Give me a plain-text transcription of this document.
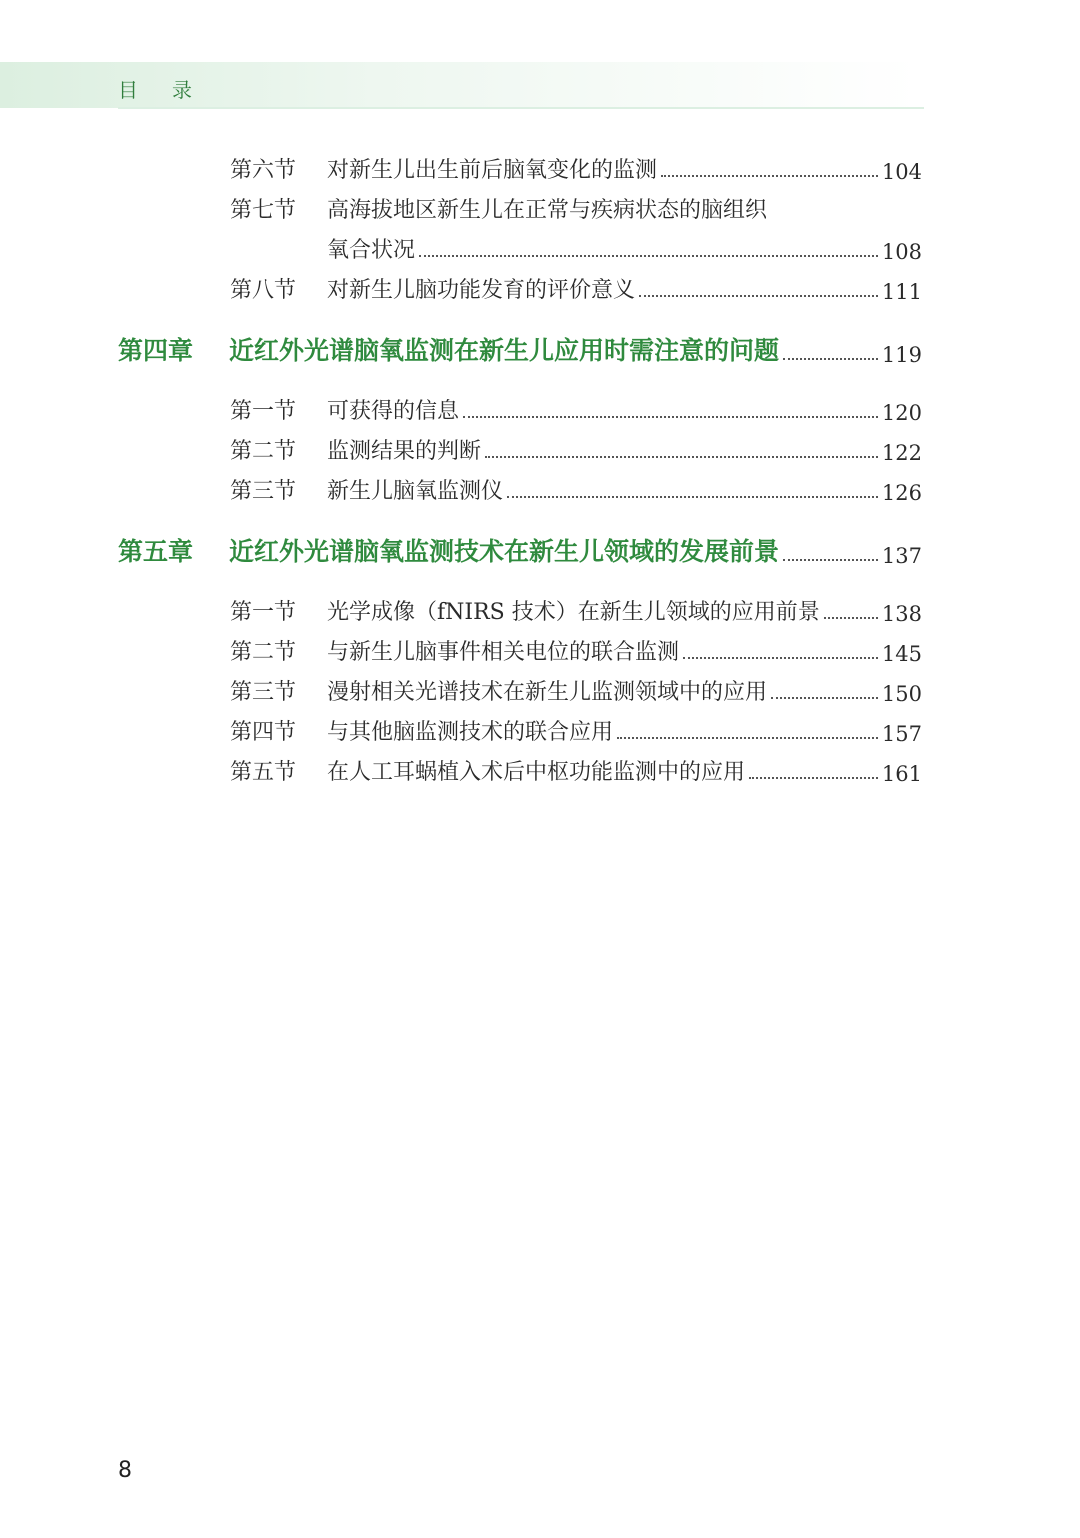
目录
第六节	对新生儿出生前后脑氧变化的监测	104
第七节	高海拔地区新生儿在正常与疾病状态的脑组织
氧合状况	108
第八节	对新生儿脑功能发育的评价意义	111
第四章	近红外光谱脑氧监测在新生儿应用时需注意的问题	119
第一节	可获得的信息	120
第二节	监测结果的判断	122
第三节	新生儿脑氧监测仪	126
第五章	近红外光谱脑氧监测技术在新生儿领域的发展前景	137
第一节	光学成像（fNIRS 技术）在新生儿领域的应用前景	138
第二节	与新生儿脑事件相关电位的联合监测	145
第三节	漫射相关光谱技术在新生儿监测领域中的应用	150
第四节	与其他脑监测技术的联合应用	157
第五节	在人工耳蜗植入术后中枢功能监测中的应用	161
8
